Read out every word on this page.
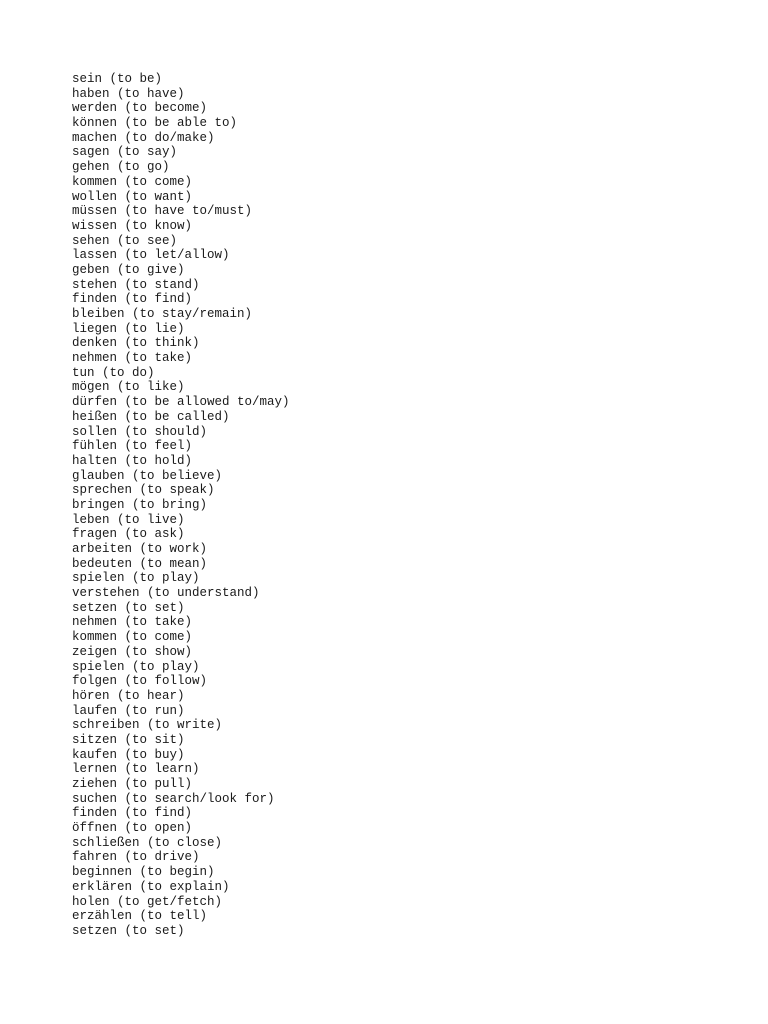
sein (to be)
haben (to have)
werden (to become)
können (to be able to)
machen (to do/make)
sagen (to say)
gehen (to go)
kommen (to come)
wollen (to want)
müssen (to have to/must)
wissen (to know)
sehen (to see)
lassen (to let/allow)
geben (to give)
stehen (to stand)
finden (to find)
bleiben (to stay/remain)
liegen (to lie)
denken (to think)
nehmen (to take)
tun (to do)
mögen (to like)
dürfen (to be allowed to/may)
heißen (to be called)
sollen (to should)
fühlen (to feel)
halten (to hold)
glauben (to believe)
sprechen (to speak)
bringen (to bring)
leben (to live)
fragen (to ask)
arbeiten (to work)
bedeuten (to mean)
spielen (to play)
verstehen (to understand)
setzen (to set)
nehmen (to take)
kommen (to come)
zeigen (to show)
spielen (to play)
folgen (to follow)
hören (to hear)
laufen (to run)
schreiben (to write)
sitzen (to sit)
kaufen (to buy)
lernen (to learn)
ziehen (to pull)
suchen (to search/look for)
finden (to find)
öffnen (to open)
schließen (to close)
fahren (to drive)
beginnen (to begin)
erklären (to explain)
holen (to get/fetch)
erzählen (to tell)
setzen (to set)
